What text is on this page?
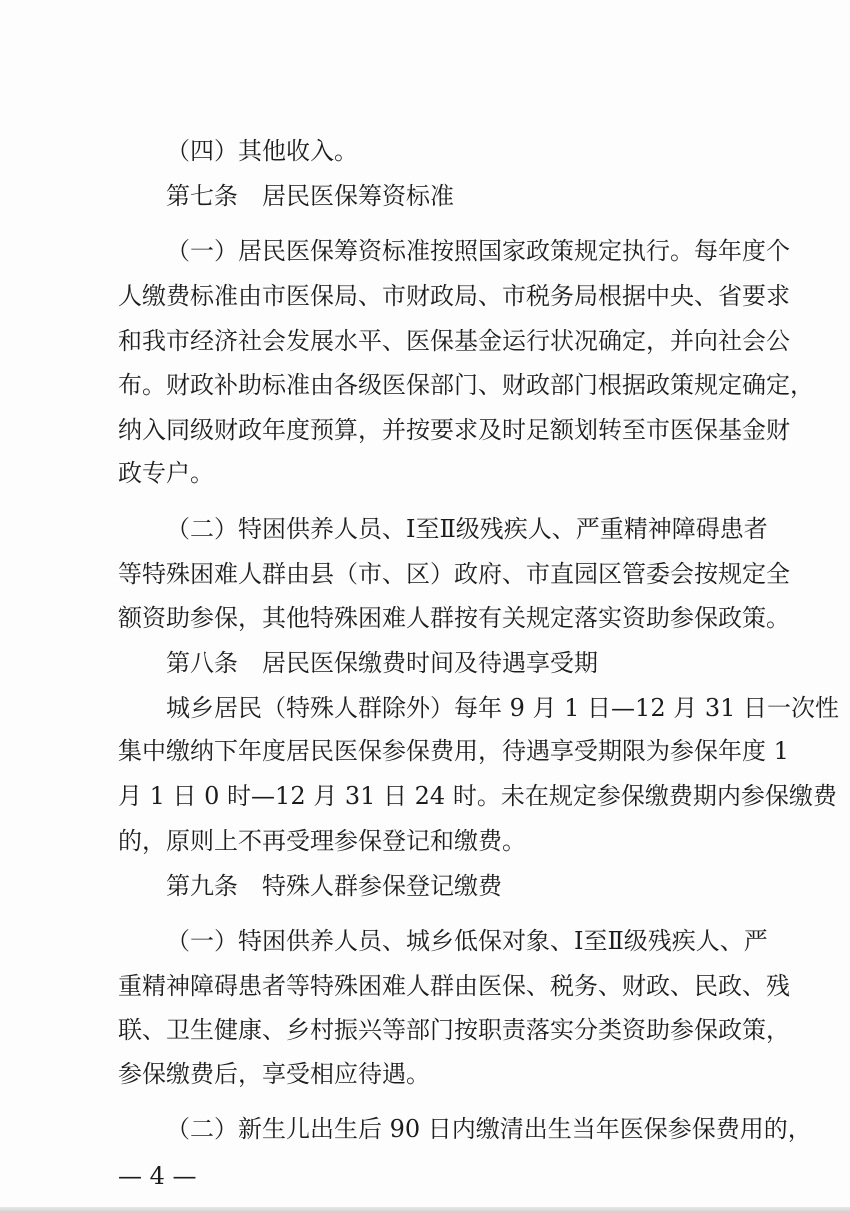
（四）其他收入。
第七条　居民医保筹资标准
（一）居民医保筹资标准按照国家政策规定执行。每年度个
人缴费标准由市医保局、市财政局、市税务局根据中央、省要求
和我市经济社会发展水平、医保基金运行状况确定，并向社会公
布。财政补助标准由各级医保部门、财政部门根据政策规定确定，
纳入同级财政年度预算，并按要求及时足额划转至市医保基金财
政专户。
（二）特困供养人员、Ⅰ至Ⅱ级残疾人、严重精神障碍患者
等特殊困难人群由县（市、区）政府、市直园区管委会按规定全
额资助参保，其他特殊困难人群按有关规定落实资助参保政策。
第八条　居民医保缴费时间及待遇享受期
城乡居民（特殊人群除外）每年 9 月 1 日—12 月 31 日一次性
集中缴纳下年度居民医保参保费用，待遇享受期限为参保年度 1
月 1 日 0 时—12 月 31 日 24 时。未在规定参保缴费期内参保缴费
的，原则上不再受理参保登记和缴费。
第九条　特殊人群参保登记缴费
（一）特困供养人员、城乡低保对象、Ⅰ至Ⅱ级残疾人、严
重精神障碍患者等特殊困难人群由医保、税务、财政、民政、残
联、卫生健康、乡村振兴等部门按职责落实分类资助参保政策，
参保缴费后，享受相应待遇。
（二）新生儿出生后 90 日内缴清出生当年医保参保费用的，
— 4 —
